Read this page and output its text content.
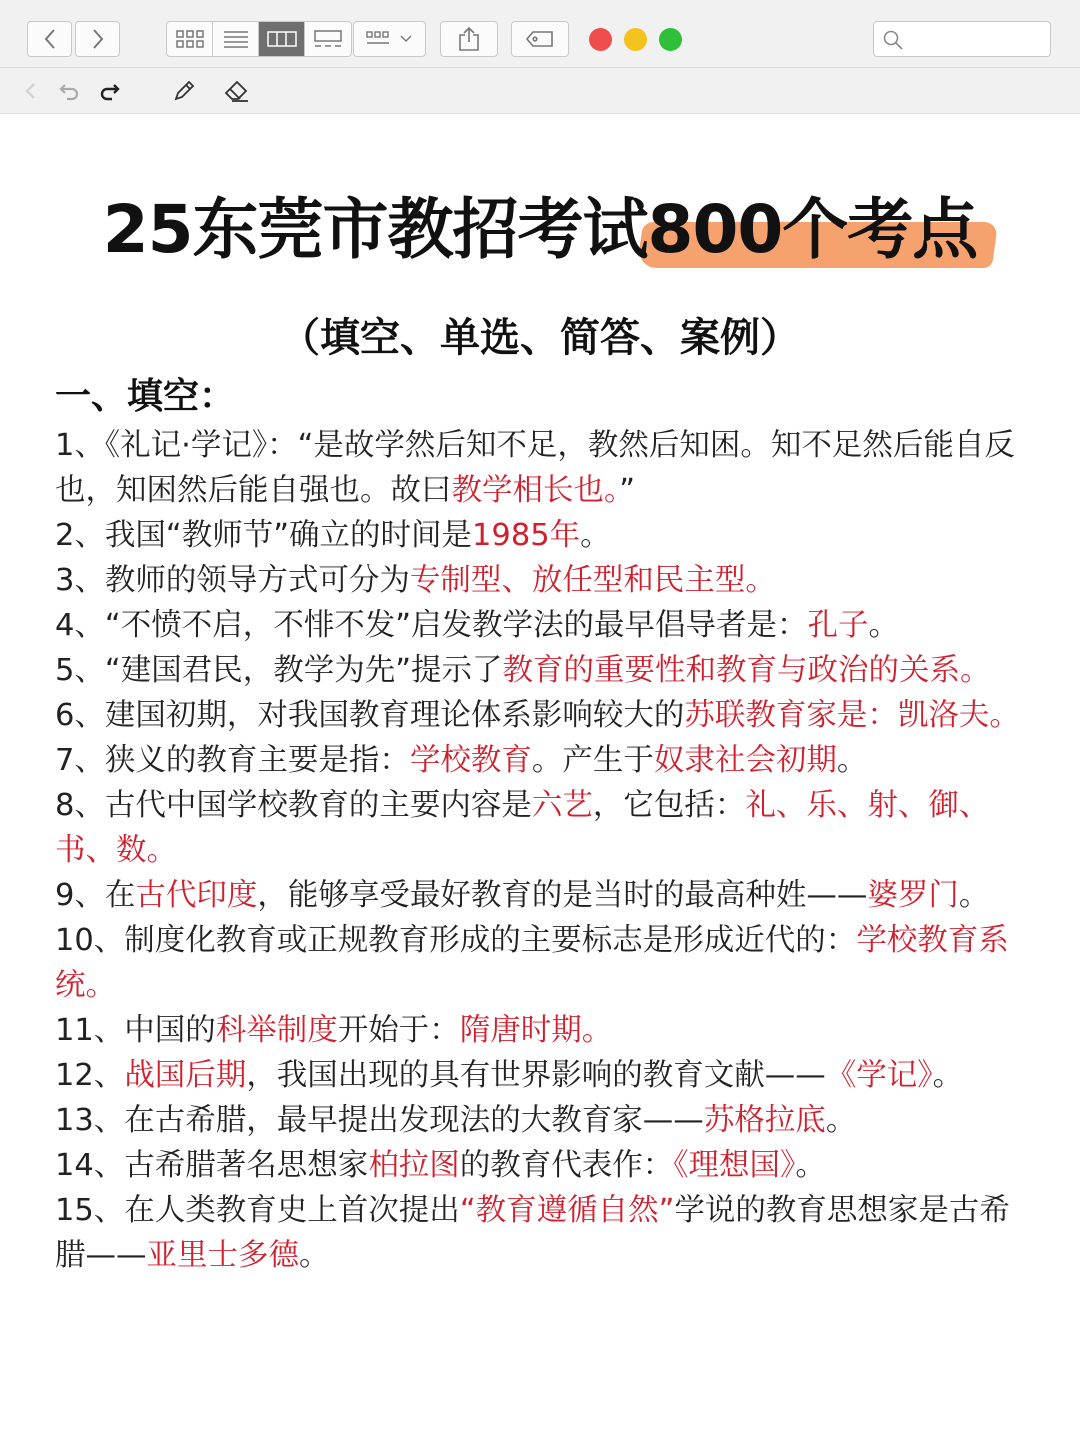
25东莞市教招考试800个考点
（填空、单选、简答、案例）
一、填空：

1、《礼记·学记》：“是故学然后知不足，教然后知困。知不足然后能自反也，知困然后能自强也。故曰教学相长也。”

2、我国“教师节”确立的时间是1985年。

3、教师的领导方式可分为专制型、放任型和民主型。

4、“不愤不启，不悱不发”启发教学法的最早倡导者是：孔子。

5、“建国君民，教学为先”提示了教育的重要性和教育与政治的关系。

6、建国初期，对我国教育理论体系影响较大的苏联教育家是：凯洛夫。

7、狭义的教育主要是指：学校教育。产生于奴隶社会初期。

8、古代中国学校教育的主要内容是六艺，它包括：礼、乐、射、御、书、数。

9、在古代印度，能够享受最好教育的是当时的最高种姓——婆罗门。

10、制度化教育或正规教育形成的主要标志是形成近代的：学校教育系统。

11、中国的科举制度开始于：隋唐时期。

12、战国后期，我国出现的具有世界影响的教育文献——《学记》。

13、在古希腊，最早提出发现法的大教育家——苏格拉底。

14、古希腊著名思想家柏拉图的教育代表作：《理想国》。

15、在人类教育史上首次提出“教育遵循自然”学说的教育思想家是古希腊——亚里士多德。
